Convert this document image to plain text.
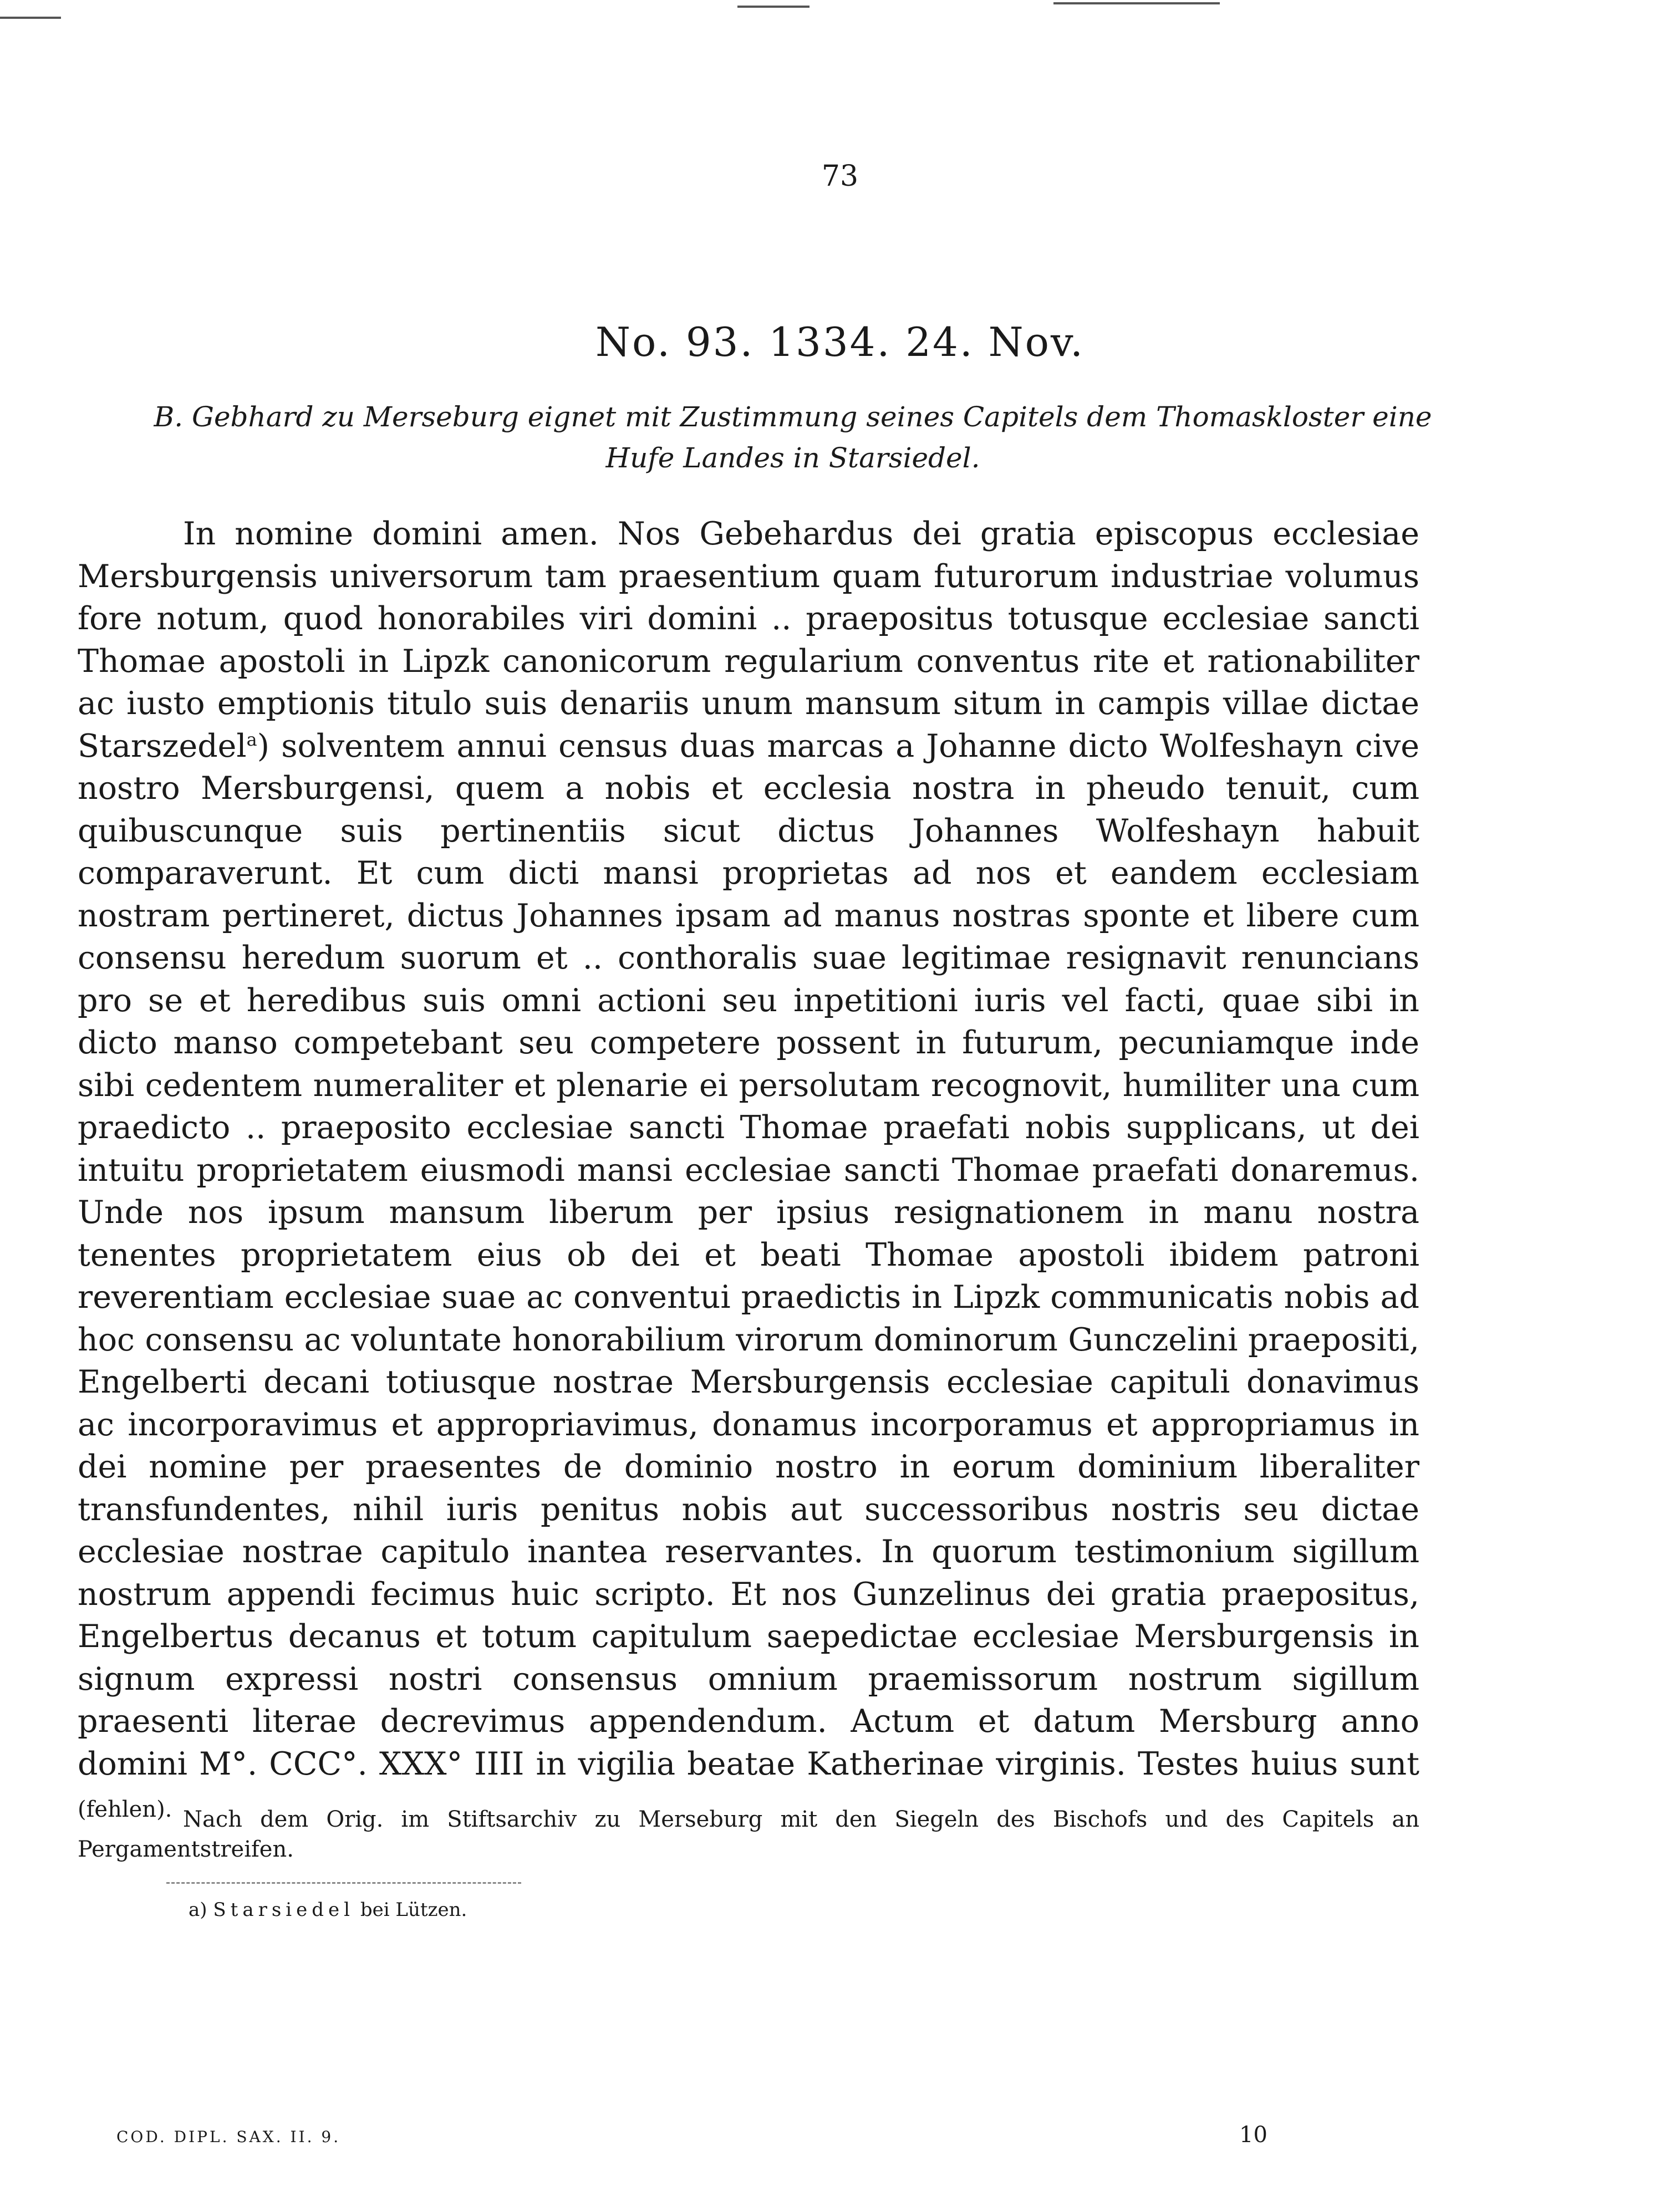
73
No. 93. 1334. 24. Nov.
B. Gebhard zu Merseburg eignet mit Zustimmung seines Capitels dem Thomaskloster eine Hufe Landes in Starsiedel.

In nomine domini amen. Nos Gebehardus dei gratia episcopus ecclesiae Mersburgensis universorum tam praesentium quam futurorum industriae volumus fore notum, quod honorabiles viri domini .. praepositus totusque ecclesiae sancti Thomae apostoli in Lipzk canonicorum regularium conventus rite et rationabiliter ac iusto emptionis titulo suis denariis unum mansum situm in campis villae dictae Starszedel$^a$) solventem annui census duas marcas a Johanne dicto Wolfeshayn cive nostro Mersburgensi, quem a nobis et ecclesia nostra in pheudo tenuit, cum quibuscunque suis pertinentiis sicut dictus Johannes Wolfeshayn habuit comparaverunt. Et cum dicti mansi proprietas ad nos et eandem ecclesiam nostram pertineret, dictus Johannes ipsam ad manus nostras sponte et libere cum consensu heredum suorum et .. conthoralis suae legitimae resignavit renuncians pro se et heredibus suis omni actioni seu inpetitioni iuris vel facti, quae sibi in dicto manso competebant seu competere possent in futurum, pecuniamque inde sibi cedentem numeraliter et plenarie ei persolutam recognovit, humiliter una cum praedicto .. praeposito ecclesiae sancti Thomae praefati nobis supplicans, ut dei intuitu proprietatem eiusmodi mansi ecclesiae sancti Thomae praefati donaremus. Unde nos ipsum mansum liberum per ipsius resignationem in manu nostra tenentes proprietatem eius ob dei et beati Thomae apostoli ibidem patroni reverentiam ecclesiae suae ac conventui praedictis in Lipzk communicatis nobis ad hoc consensu ac voluntate honorabilium virorum dominorum Gunczelini praepositi, Engelberti decani totiusque nostrae Mersburgensis ecclesiae capituli donavimus ac incorporavimus et appropriavimus, donamus incorporamus et appropriamus in dei nomine per praesentes de dominio nostro in eorum dominium liberaliter transfundentes, nihil iuris penitus nobis aut successoribus nostris seu dictae ecclesiae nostrae capitulo inantea reservantes. In quorum testimonium sigillum nostrum appendi fecimus huic scripto. Et nos Gunzelinus dei gratia praepositus, Engelbertus decanus et totum capitulum saepedictae ecclesiae Mersburgensis in signum expressi nostri consensus omnium praemissorum nostrum sigillum praesenti literae decrevimus appendendum. Actum et datum Mersburg anno domini M°. CCC°. XXX° IIII in vigilia beatae Katherinae virginis. Testes huius sunt (fehlen). Nach dem Orig. im Stiftsarchiv zu Merseburg mit den Siegeln des Bischofs und des Capitels an Pergamentstreifen.
a) Starsiedel bei Lützen.
COD. DIPL. SAX. II. 9.	10
